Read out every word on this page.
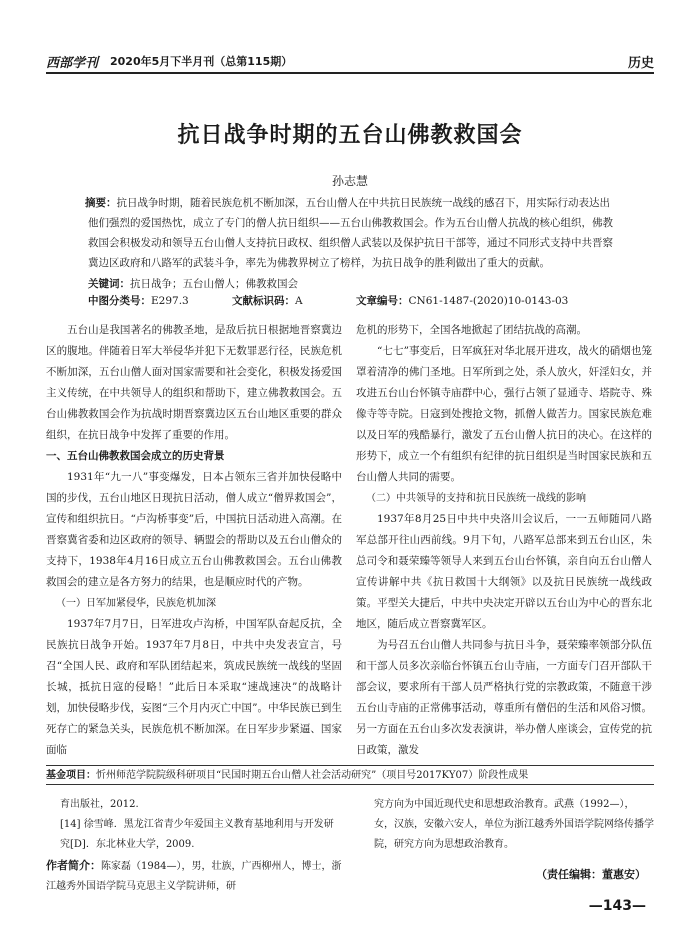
西部学刊 2020年5月下半月刊（总第115期）	历史
抗日战争时期的五台山佛教救国会
孙志慧
摘要：抗日战争时期，随着民族危机不断加深，五台山僧人在中共抗日民族统一战线的感召下，用实际行动表达出他们强烈的爱国热忱，成立了专门的僧人抗日组织——五台山佛教救国会。作为五台山僧人抗战的核心组织，佛教救国会积极发动和领导五台山僧人支持抗日政权、组织僧人武装以及保护抗日干部等，通过不同形式支持中共晋察冀边区政府和八路军的武装斗争，率先为佛教界树立了榜样，为抗日战争的胜利做出了重大的贡献。
关键词：抗日战争；五台山僧人；佛教救国会
中图分类号：E297.3	文献标识码：A	文章编号：CN61-1487-(2020)10-0143-03

五台山是我国著名的佛教圣地，是敌后抗日根据地晋察冀边区的腹地。伴随着日军大举侵华并犯下无数罪恶行径，民族危机不断加深，五台山僧人面对国家需要和社会变化，积极发扬爱国主义传统，在中共领导人的组织和帮助下，建立佛教救国会。五台山佛教救国会作为抗战时期晋察冀边区五台山地区重要的群众组织，在抗日战争中发挥了重要的作用。

一、五台山佛教救国会成立的历史背景

1931年“九一八”事变爆发，日本占领东三省并加快侵略中国的步伐，五台山地区日现抗日活动，僧人成立“僧界救国会”，宣传和组织抗日。“卢沟桥事变”后，中国抗日活动进入高潮。在晋察冀省委和边区政府的领导、辆盟会的帮助以及五台山僧众的支持下，1938年4月16日成立五台山佛教救国会。五台山佛教救国会的建立是各方努力的结果，也是顺应时代的产物。

（一）日军加紧侵华，民族危机加深

1937年7月7日，日军进攻卢沟桥，中国军队奋起反抗，全民族抗日战争开始。1937年7月8日，中共中央发表宣言，号召“全国人民、政府和军队团结起来，筑成民族统一战线的坚固长城，抵抗日寇的侵略！”此后日本采取“速战速决”的战略计划，加快侵略步伐，妄图“三个月内灭亡中国”。中华民族已到生死存亡的紧急关头，民族危机不断加深。在日军步步紧逼、国家面临

危机的形势下，全国各地掀起了团结抗战的高潮。

“七七”事变后，日军疯狂对华北展开进攻，战火的硝烟也笼罩着清净的佛门圣地。日军所到之处，杀人放火，奸淫妇女，并攻进五台山台怀镇寺庙群中心，强行占领了显通寺、塔院寺、殊像寺等寺院。日寇到处搜抢文物，抓僧人做苦力。国家民族危难以及日军的残酷暴行，激发了五台山僧人抗日的决心。在这样的形势下，成立一个有组织有纪律的抗日组织是当时国家民族和五台山僧人共同的需要。

（二）中共领导的支持和抗日民族统一战线的影响

1937年8月25日中共中央洛川会议后，一一五师随同八路军总部开往山西前线。9月下旬，八路军总部来到五台山区，朱总司令和聂荣臻等领导人来到五台山台怀镇，亲自向五台山僧人宣传讲解中共《抗日救国十大纲领》以及抗日民族统一战线政策。平型关大捷后，中共中央决定开辟以五台山为中心的晋东北地区，随后成立晋察冀军区。

为号召五台山僧人共同参与抗日斗争，聂荣臻率领部分队伍和干部人员多次亲临台怀镇五台山寺庙，一方面专门召开部队干部会议，要求所有干部人员严格执行党的宗教政策，不随意干涉五台山寺庙的正常佛事活动，尊重所有僧侣的生活和风俗习惯。另一方面在五台山多次发表演讲，举办僧人座谈会，宣传党的抗日政策，激发

基金项目：忻州师范学院院级科研项目“民国时期五台山僧人社会活动研究”（项目号2017KY07）阶段性成果
育出版社，2012.
[14] 徐雪峰．黑龙江省青少年爱国主义教育基地利用与开发研究[D]．东北林业大学，2009.
作者简介：陈家磊（1984—），男，壮族，广西柳州人，博士，浙江越秀外国语学院马克思主义学院讲师，研
究方向为中国近现代史和思想政治教育。武燕（1992—），女，汉族，安徽六安人，单位为浙江越秀外国语学院网络传播学院，研究方向为思想政治教育。
（责任编辑：董惠安）
—143—
